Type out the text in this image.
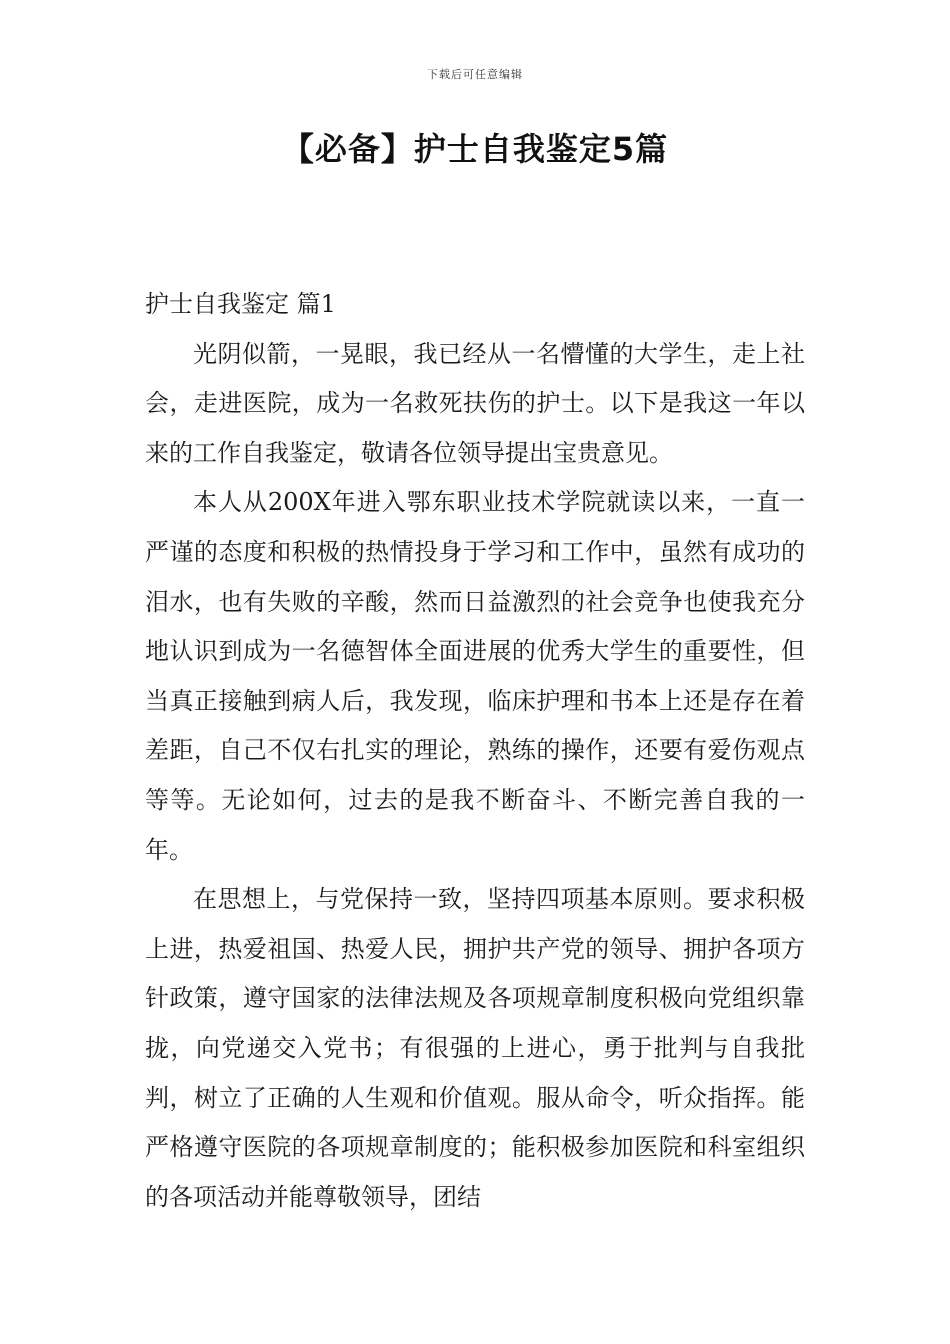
下载后可任意编辑
【必备】护士自我鉴定5篇
护士自我鉴定 篇1

光阴似箭，一晃眼，我已经从一名懵懂的大学生，走上社会，走进医院，成为一名救死扶伤的护士。以下是我这一年以来的工作自我鉴定，敬请各位领导提出宝贵意见。

本人从200X年进入鄂东职业技术学院就读以来，一直一严谨的态度和积极的热情投身于学习和工作中，虽然有成功的泪水，也有失败的辛酸，然而日益激烈的社会竞争也使我充分地认识到成为一名德智体全面进展的优秀大学生的重要性，但当真正接触到病人后，我发现，临床护理和书本上还是存在着差距，自己不仅右扎实的理论，熟练的操作，还要有爱伤观点等等。无论如何，过去的是我不断奋斗、不断完善自我的一年。

在思想上，与党保持一致，坚持四项基本原则。要求积极上进，热爱祖国、热爱人民，拥护共产党的领导、拥护各项方针政策，遵守国家的法律法规及各项规章制度积极向党组织靠拢，向党递交入党书；有很强的上进心，勇于批判与自我批判，树立了正确的人生观和价值观。服从命令，听众指挥。能严格遵守医院的各项规章制度的；能积极参加医院和科室组织的各项活动并能尊敬领导，团结
